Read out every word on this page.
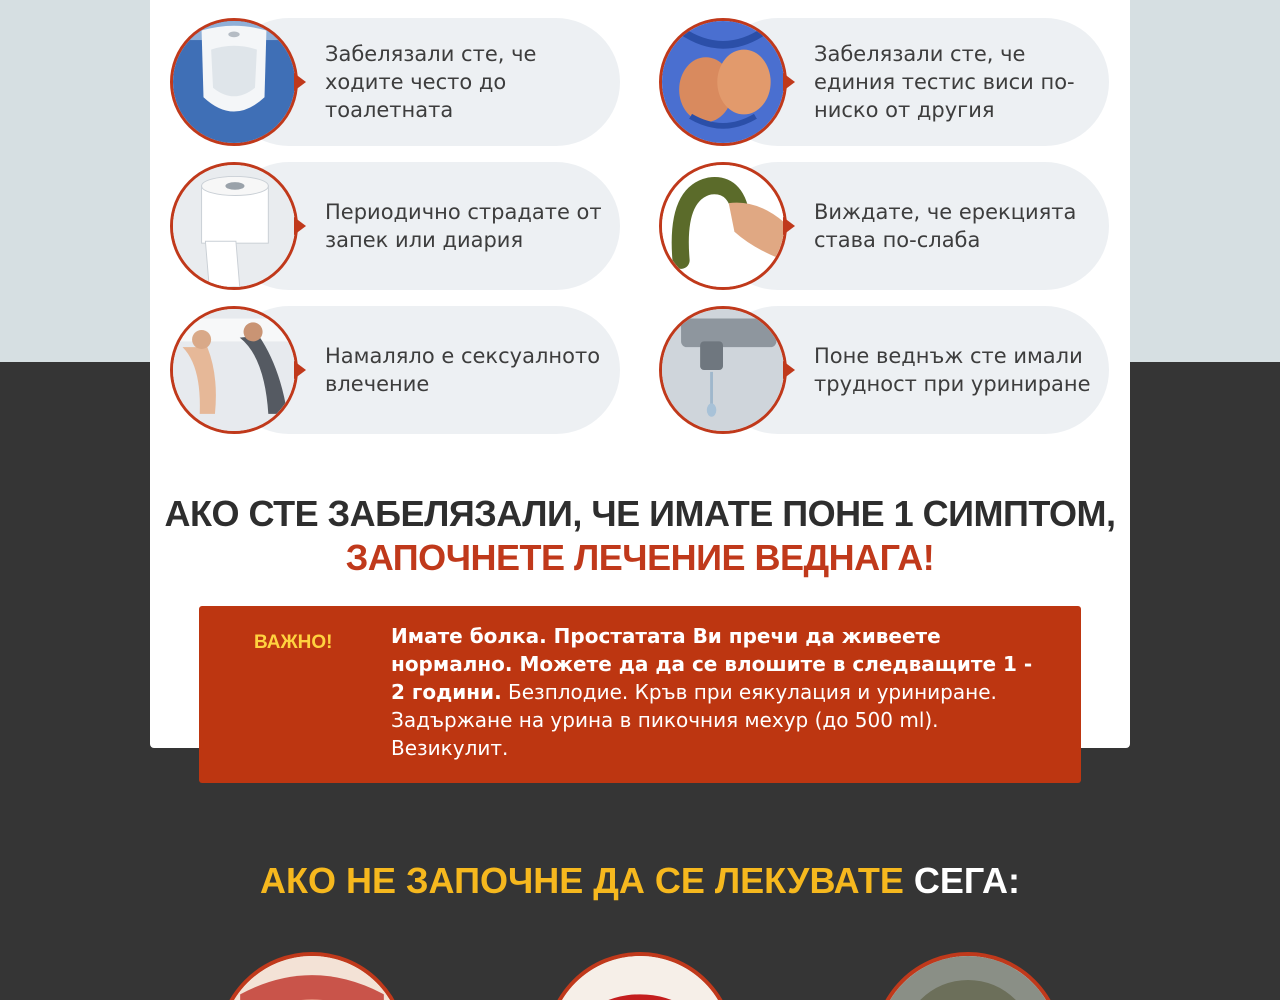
Забелязали сте, че ходите често до тоалетната
Забелязали сте, че единия тестис виси по-ниско от другия
Периодично страдате от запек или диария
Виждате, че ерекцията става по-слаба
Намаляло е сексуалното влечение
Поне веднъж сте имали трудност при уриниране
АКО СТЕ ЗАБЕЛЯЗАЛИ, ЧЕ ИМАТЕ ПОНЕ 1 СИМПТОМ,
ЗАПОЧНЕТЕ ЛЕЧЕНИЕ ВЕДНАГА!
ВАЖНО!	Имате болка. Простатата Ви пречи да живеете нормално. Можете да да се влошите в следващите 1 - 2 години. Безплодие. Кръв при еякулация и уриниране. Задържане на урина в пикочния мехур (до 500 ml). Везикулит.
АКО НЕ ЗАПОЧНЕ ДА СЕ ЛЕКУВАТЕ СЕГА:
